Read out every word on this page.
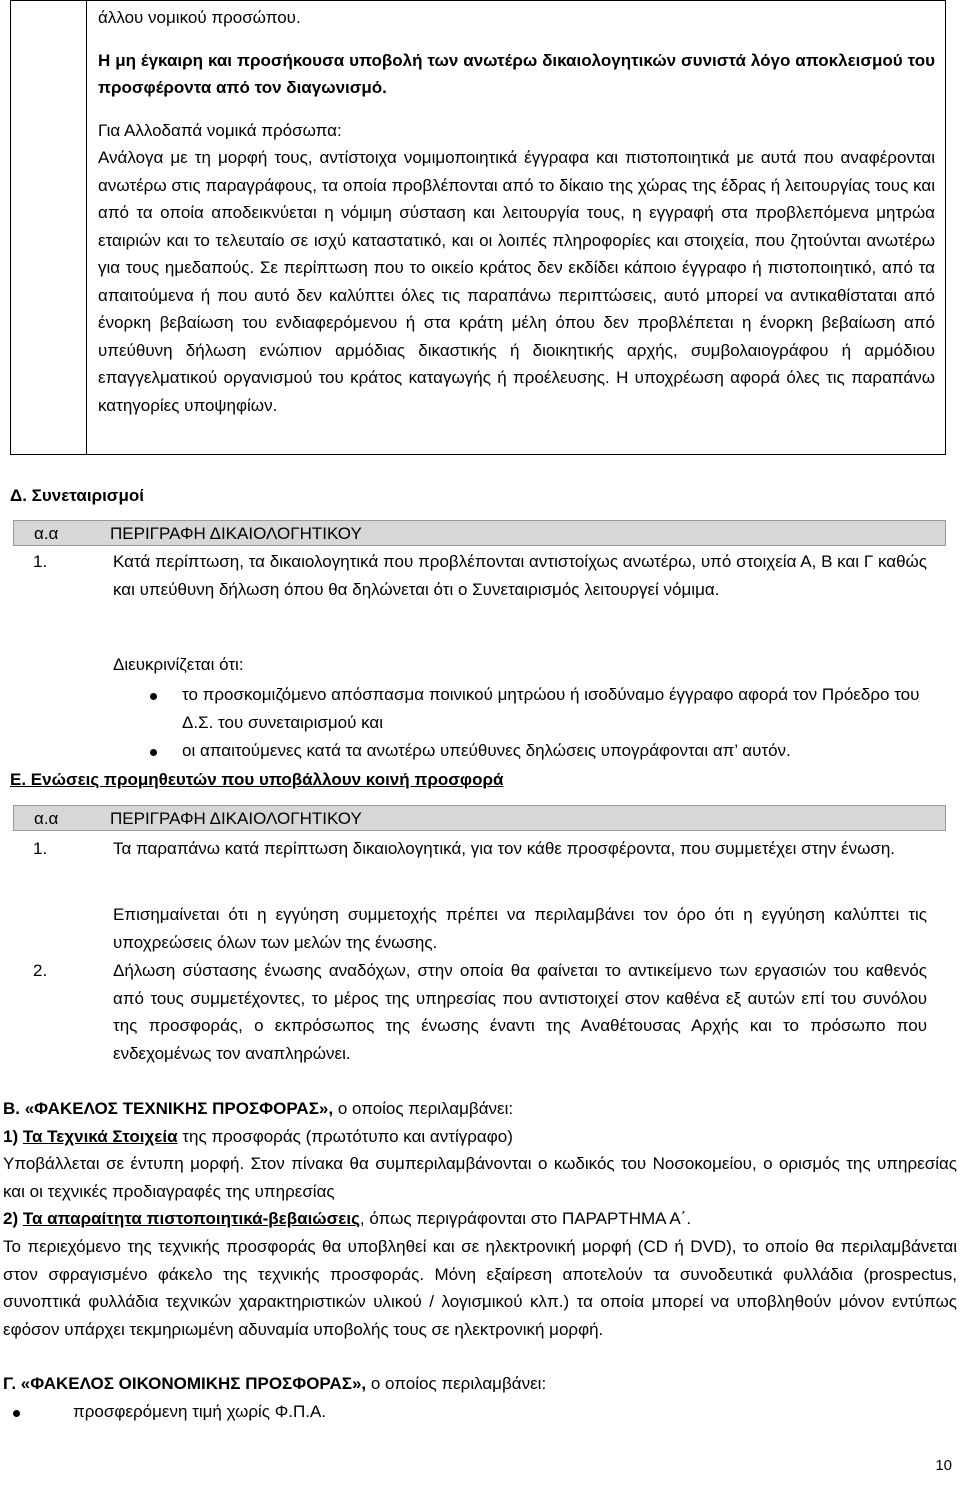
άλλου νομικού προσώπου.
Η μη έγκαιρη και προσήκουσα υποβολή των ανωτέρω δικαιολογητικών συνιστά λόγο αποκλεισμού του προσφέροντα από τον διαγωνισμό.
Για Αλλοδαπά νομικά πρόσωπα:
Ανάλογα με τη μορφή τους, αντίστοιχα νομιμοποιητικά έγγραφα και πιστοποιητικά με αυτά που αναφέρονται ανωτέρω στις παραγράφους, τα οποία προβλέπονται από το δίκαιο της χώρας της έδρας ή λειτουργίας τους και από τα οποία αποδεικνύεται η νόμιμη σύσταση και λειτουργία τους, η εγγραφή στα προβλεπόμενα μητρώα εταιριών και το τελευταίο σε ισχύ καταστατικό, και οι λοιπές πληροφορίες και στοιχεία, που ζητούνται ανωτέρω για τους ημεδαπούς. Σε περίπτωση που το οικείο κράτος δεν εκδίδει κάποιο έγγραφο ή πιστοποιητικό, από τα απαιτούμενα ή που αυτό δεν καλύπτει όλες τις παραπάνω περιπτώσεις, αυτό μπορεί να αντικαθίσταται από ένορκη βεβαίωση του ενδιαφερόμενου ή στα κράτη μέλη όπου δεν προβλέπεται η ένορκη βεβαίωση από υπεύθυνη δήλωση ενώπιον αρμόδιας δικαστικής ή διοικητικής αρχής, συμβολαιογράφου ή αρμόδιου επαγγελματικού οργανισμού του κράτος καταγωγής ή προέλευσης. Η υποχρέωση αφορά όλες τις παραπάνω κατηγορίες υποψηφίων.
Δ. Συνεταιρισμοί
α.α	ΠΕΡΙΓΡΑΦΗ ΔΙΚΑΙΟΛΟΓΗΤΙΚΟΥ
1.	Κατά περίπτωση, τα δικαιολογητικά που προβλέπονται αντιστοίχως ανωτέρω, υπό στοιχεία Α, Β και Γ καθώς και υπεύθυνη δήλωση όπου θα δηλώνεται ότι ο Συνεταιρισμός λειτουργεί νόμιμα.
Διευκρινίζεται ότι:
το προσκομιζόμενο απόσπασμα ποινικού μητρώου ή ισοδύναμο έγγραφο αφορά τον Πρόεδρο του Δ.Σ. του συνεταιρισμού και
οι απαιτούμενες κατά τα ανωτέρω υπεύθυνες δηλώσεις υπογράφονται απ’ αυτόν.
Ε. Ενώσεις προμηθευτών που υποβάλλουν κοινή προσφορά
α.α	ΠΕΡΙΓΡΑΦΗ ΔΙΚΑΙΟΛΟΓΗΤΙΚΟΥ
1.	Τα παραπάνω κατά περίπτωση δικαιολογητικά, για τον κάθε προσφέροντα, που συμμετέχει στην ένωση.
Επισημαίνεται ότι η εγγύηση συμμετοχής πρέπει να περιλαμβάνει τον όρο ότι η εγγύηση καλύπτει τις υποχρεώσεις όλων των μελών της ένωσης.
2.	Δήλωση σύστασης ένωσης αναδόχων, στην οποία θα φαίνεται το αντικείμενο των εργασιών του καθενός από τους συμμετέχοντες, το μέρος της υπηρεσίας που αντιστοιχεί στον καθένα εξ αυτών επί του συνόλου της προσφοράς, ο εκπρόσωπος της ένωσης έναντι της Αναθέτουσας Αρχής και το πρόσωπο που ενδεχομένως τον αναπληρώνει.
Β. «ΦΑΚΕΛΟΣ ΤΕΧΝΙΚΗΣ ΠΡΟΣΦΟΡΑΣ», ο οποίος περιλαμβάνει:
1) Τα Τεχνικά Στοιχεία της προσφοράς (πρωτότυπο και αντίγραφο)
Υποβάλλεται σε έντυπη μορφή. Στον πίνακα θα συμπεριλαμβάνονται ο κωδικός του Νοσοκομείου, ο ορισμός της υπηρεσίας και οι τεχνικές προδιαγραφές της υπηρεσίας
2) Τα απαραίτητα πιστοποιητικά-βεβαιώσεις, όπως περιγράφονται στο ΠΑΡΑΡΤΗΜΑ Α΄.
Το περιεχόμενο της τεχνικής προσφοράς θα υποβληθεί και σε ηλεκτρονική μορφή (CD ή DVD), το οποίο θα περιλαμβάνεται στον σφραγισμένο φάκελο της τεχνικής προσφοράς. Μόνη εξαίρεση αποτελούν τα συνοδευτικά φυλλάδια (prospectus, συνοπτικά φυλλάδια τεχνικών χαρακτηριστικών υλικού / λογισμικού κλπ.) τα οποία μπορεί να υποβληθούν μόνον εντύπως εφόσον υπάρχει τεκμηριωμένη αδυναμία υποβολής τους σε ηλεκτρονική μορφή.
Γ. «ΦΑΚΕΛΟΣ ΟΙΚΟΝΟΜΙΚΗΣ ΠΡΟΣΦΟΡΑΣ», ο οποίος περιλαμβάνει:
προσφερόμενη τιμή χωρίς Φ.Π.Α.
10
